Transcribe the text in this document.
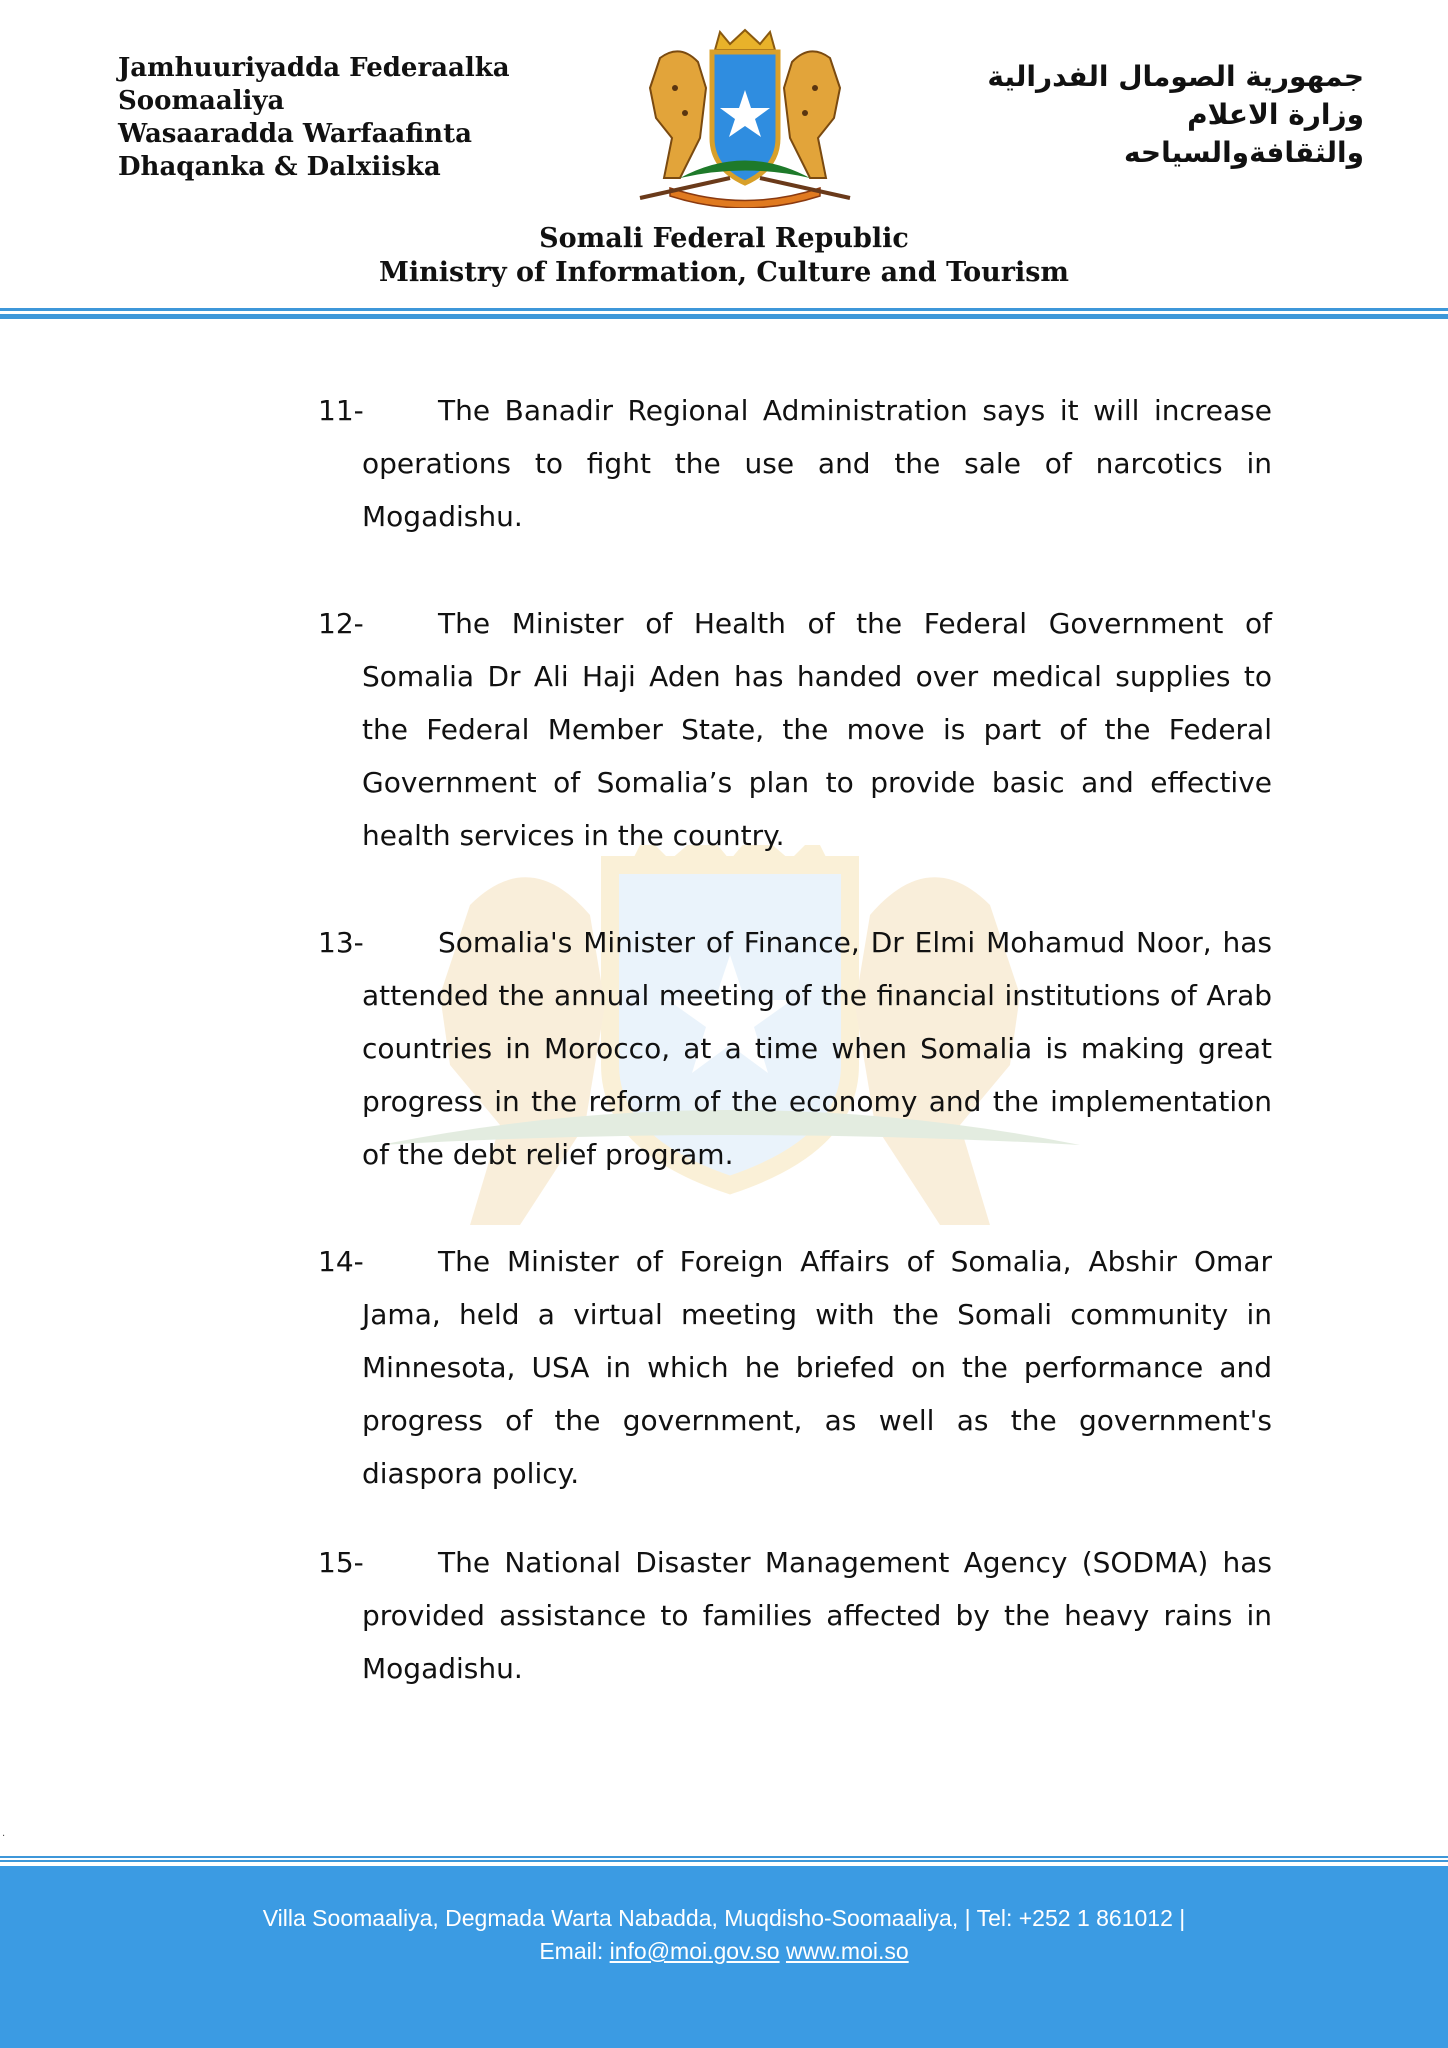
Jamhuuriyadda Federaalka
Soomaaliya
Wasaaradda Warfaafinta
Dhaqanka & Dalxiiska
جمهورية الصومال الفدرالية
وزارة الاعلام
والثقافةوالسياحه
Somali Federal Republic
Ministry of Information, Culture and Tourism
11-	The Banadir Regional Administration says it will increase operations to fight the use and the sale of narcotics in Mogadishu.
12-	The Minister of Health of the Federal Government of Somalia Dr Ali Haji Aden has handed over medical supplies to the Federal Member State, the move is part of the Federal Government of Somalia’s plan to provide basic and effective health services in the country.
13-	Somalia's Minister of Finance, Dr Elmi Mohamud Noor, has attended the annual meeting of the financial institutions of Arab countries in Morocco, at a time when Somalia is making great progress in the reform of the economy and the implementation of the debt relief program.
14-	The Minister of Foreign Affairs of Somalia, Abshir Omar Jama, held a virtual meeting with the Somali community in Minnesota, USA in which he briefed on the performance and progress of the government, as well as the government's diaspora policy.
15-	The National Disaster Management Agency (SODMA) has provided assistance to families affected by the heavy rains in Mogadishu.
.
Villa Soomaaliya, Degmada Warta Nabadda, Muqdisho-Soomaaliya, | Tel: +252 1 861012 |
Email: info@moi.gov.so www.moi.so
